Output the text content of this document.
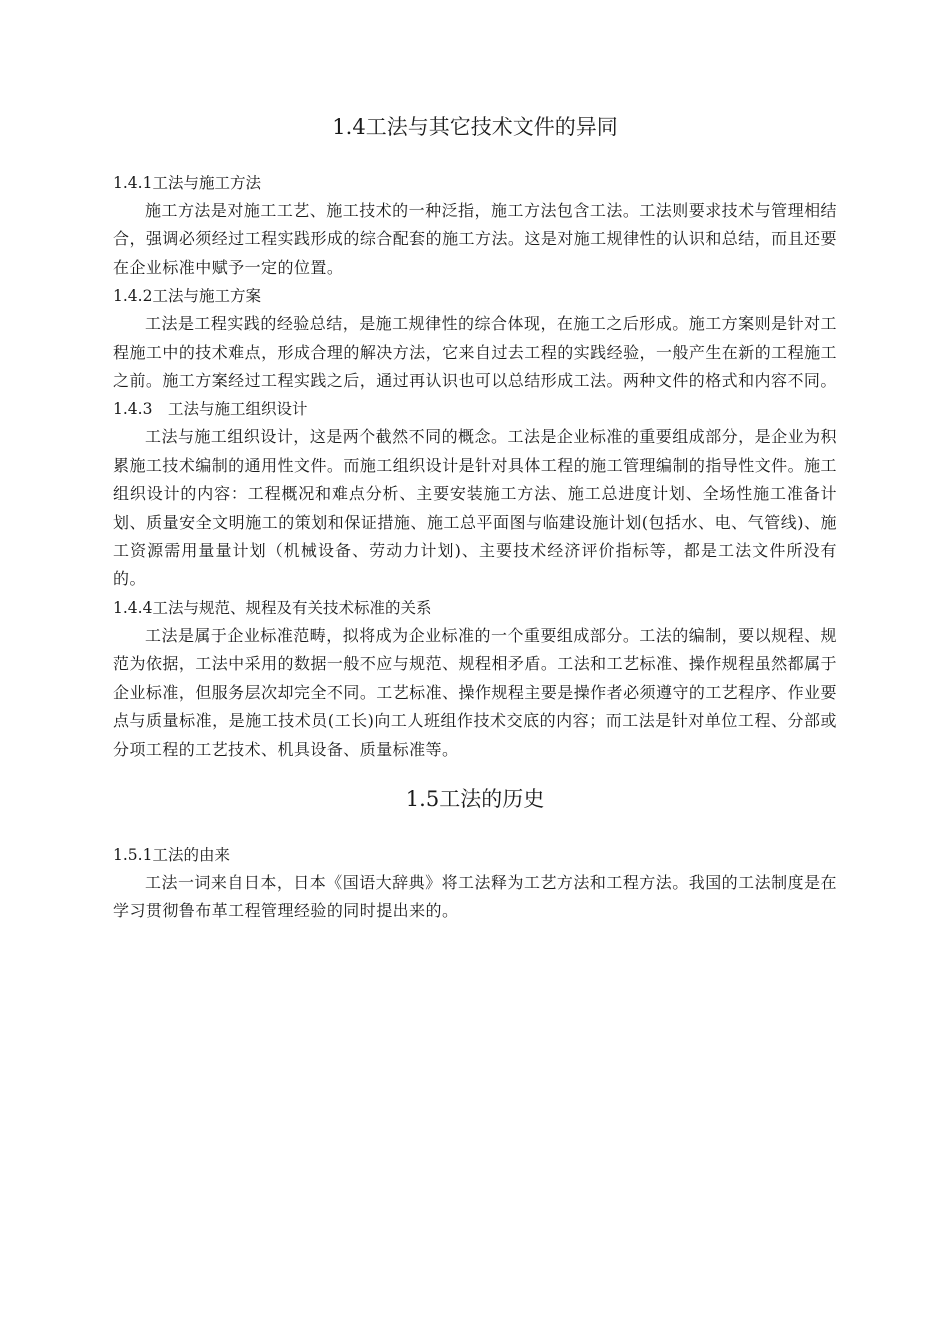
1.4工法与其它技术文件的异同
1.4.1工法与施工方法

施工方法是对施工工艺、施工技术的一种泛指，施工方法包含工法。工法则要求技术与管理相结合，强调必须经过工程实践形成的综合配套的施工方法。这是对施工规律性的认识和总结，而且还要在企业标准中赋予一定的位置。

1.4.2工法与施工方案

工法是工程实践的经验总结，是施工规律性的综合体现，在施工之后形成。施工方案则是针对工程施工中的技术难点，形成合理的解决方法，它来自过去工程的实践经验，一般产生在新的工程施工之前。施工方案经过工程实践之后，通过再认识也可以总结形成工法。两种文件的格式和内容不同。

1.4.3　工法与施工组织设计

工法与施工组织设计，这是两个截然不同的概念。工法是企业标准的重要组成部分，是企业为积累施工技术编制的通用性文件。而施工组织设计是针对具体工程的施工管理编制的指导性文件。施工组织设计的内容：工程概况和难点分析、主要安装施工方法、施工总进度计划、全场性施工准备计划、质量安全文明施工的策划和保证措施、施工总平面图与临建设施计划(包括水、电、气管线)、施工资源需用量量计划（机械设备、劳动力计划)、主要技术经济评价指标等，都是工法文件所没有的。

1.4.4工法与规范、规程及有关技术标准的关系

工法是属于企业标准范畴，拟将成为企业标准的一个重要组成部分。工法的编制，要以规程、规范为依据，工法中采用的数据一般不应与规范、规程相矛盾。工法和工艺标准、操作规程虽然都属于企业标准，但服务层次却完全不同。工艺标准、操作规程主要是操作者必须遵守的工艺程序、作业要点与质量标准，是施工技术员(工长)向工人班组作技术交底的内容；而工法是针对单位工程、分部或分项工程的工艺技术、机具设备、质量标准等。

1.5工法的历史
1.5.1工法的由来

工法一词来自日本，日本《国语大辞典》将工法释为工艺方法和工程方法。我国的工法制度是在学习贯彻鲁布革工程管理经验的同时提出来的。
